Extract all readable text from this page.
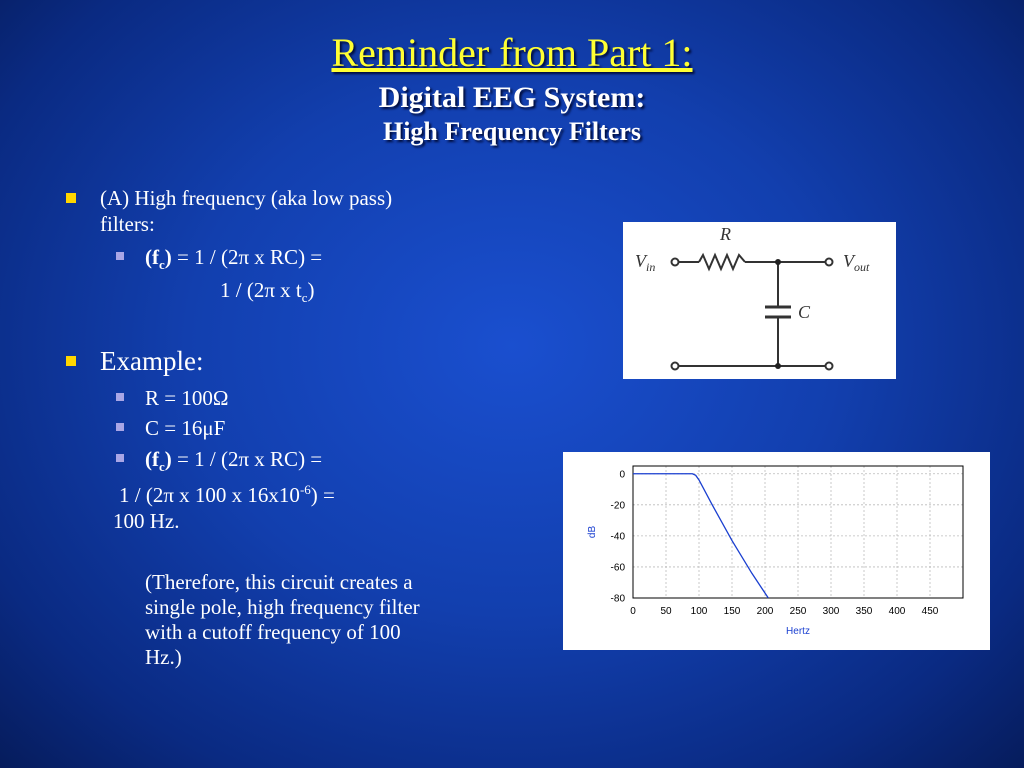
Reminder from Part 1:
Digital EEG System:
High Frequency Filters
(A) High frequency (aka low pass)
filters:
$(f_c) = 1 / (2\pi$ x RC) =
1 / (2π x $t_c$)
Example:
R = 100Ω
C = 16μF
$(f_c) = 1 / (2\pi$ x RC) =
1 / (2π x 100 x $16x10^{-6}$) =
100 Hz.
(Therefore, this circuit creates a
single pole, high frequency filter
with a cutoff frequency of 100
Hz.)
R
C
$V_{in}$	$V_{out}$
0 50 100 150 200 250 300 350 400 450
0
-20
-40
-60
-80
Hertz
dB
